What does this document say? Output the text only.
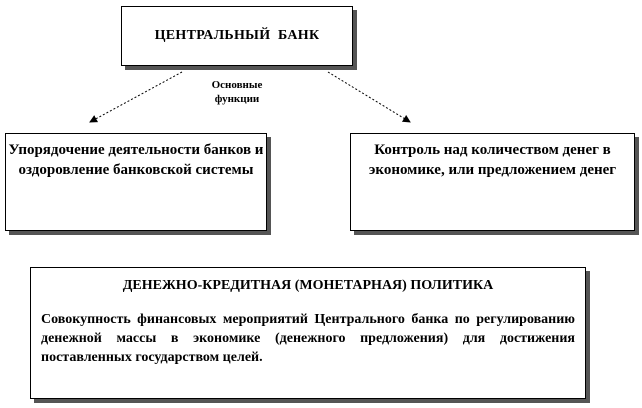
ЦЕНТРАЛЬНЫЙ  БАНК
Основные
функции
Упорядочение деятельности банков и оздоровление банковской системы
Контроль над количеством денег в экономике, или предложением денег
ДЕНЕЖНО-КРЕДИТНАЯ (МОНЕТАРНАЯ) ПОЛИТИКА
Совокупность финансовых мероприятий Центрального банка по регулированию денежной массы в экономике (денежного предложения) для достижения поставленных государством целей.
